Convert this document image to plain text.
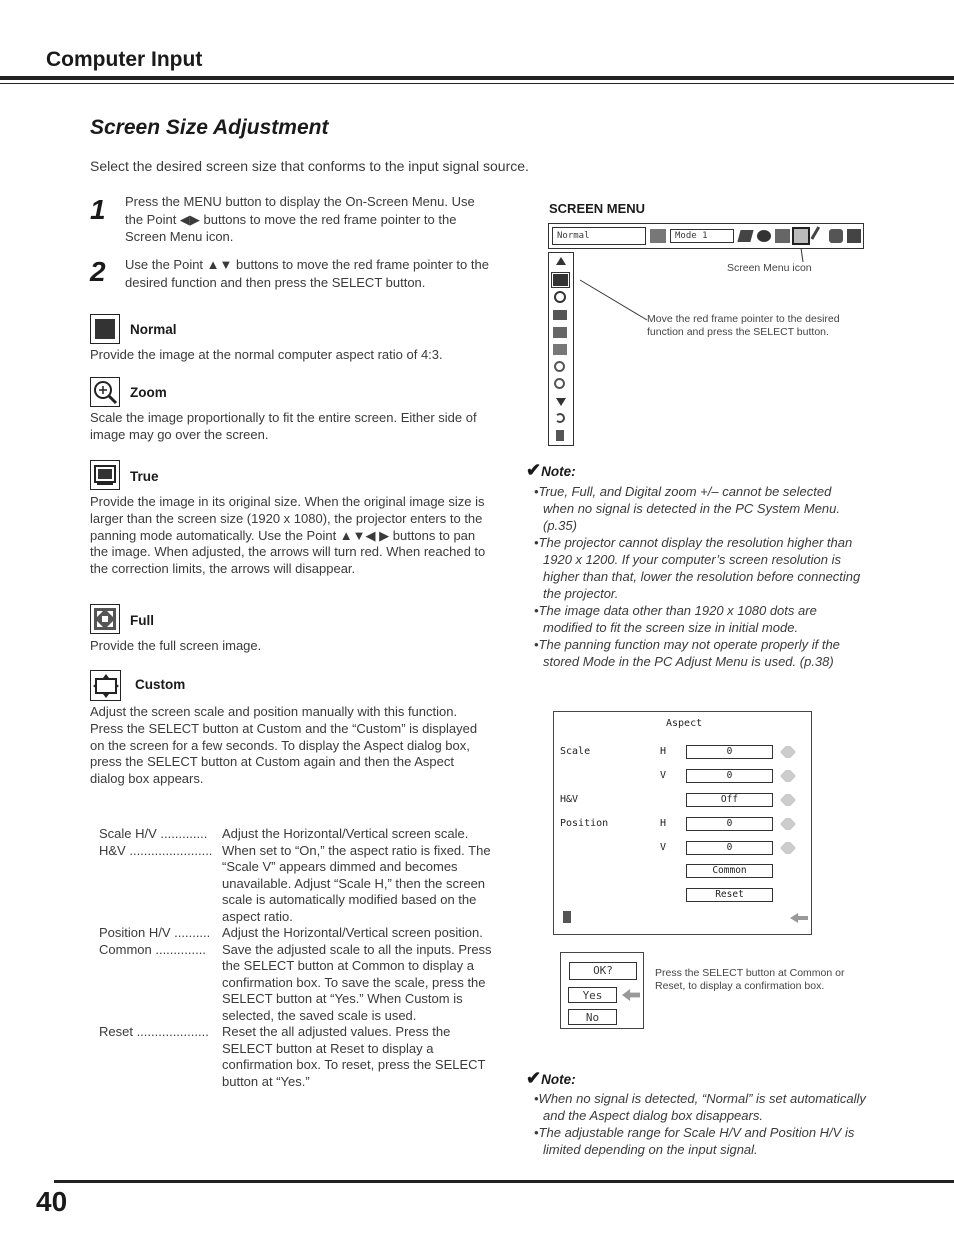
Computer Input
Screen Size Adjustment
Select the desired screen size that conforms to the input signal source.
1 Press the MENU button to display the On-Screen Menu. Use the Point ◀▶ buttons to move the red frame pointer to the Screen Menu icon.
2 Use the Point ▲▼ buttons to move the red frame pointer to the desired function and then press the SELECT button.
Normal
Provide the image at the normal computer aspect ratio of 4:3.
Zoom
Scale the image proportionally to fit the entire screen. Either side of image may go over the screen.
True
Provide the image in its original size. When the original image size is larger than the screen size (1920 x 1080), the projector enters to the panning mode automatically. Use the Point ▲▼◀ ▶ buttons to pan the image. When adjusted, the arrows will turn red. When reached to the correction limits, the arrows will disappear.
Full
Provide the full screen image.
Custom
Adjust the screen scale and position manually with this function. Press the SELECT button at Custom and the “Custom” is displayed on the screen for a few seconds. To display the Aspect dialog box, press the SELECT button at Custom again and then the Aspect dialog box appears.
Scale H/V .............	Adjust the Horizontal/Vertical screen scale.
H&V ....................... When set to “On,” the aspect ratio is fixed. The “Scale V” appears dimmed and becomes unavailable. Adjust “Scale H,” then the screen scale is automatically modified based on the aspect ratio.
Position H/V .......... Adjust the Horizontal/Vertical screen position.
Common ..............	Save the adjusted scale to all the inputs. Press the SELECT button at Common to display a confirmation box. To save the scale, press the SELECT button at “Yes.” When Custom is selected, the saved scale is used.
Reset ....................	Reset the all adjusted values. Press the SELECT button at Reset to display a confirmation box. To reset, press the SELECT button at “Yes.”
SCREEN MENU
Normal	Mode 1
Screen Menu icon
Move the red frame pointer to the desired function and press the SELECT button.
✔Note:
•True, Full, and Digital zoom +/– cannot be selected when no signal is detected in the PC System Menu. (p.35)
•The projector cannot display the resolution higher than 1920 x 1200. If your computer’s screen resolution is higher than that, lower the resolution before connecting the projector.
•The image data other than 1920 x 1080 dots are modified to fit the screen size in initial mode.
•The panning function may not operate properly if the stored Mode in the PC Adjust Menu is used. (p.38)
Aspect
Scale	H	0
V	0
H&V	Off
Position	H	0
V	0
Common
Reset
OK?
Yes
No
Press the SELECT button at Common or Reset, to display a confirmation box.
✔Note:
•When no signal is detected, “Normal” is set automatically and the Aspect dialog box disappears.
•The adjustable range for Scale H/V and Position H/V is limited depending on the input signal.
40
